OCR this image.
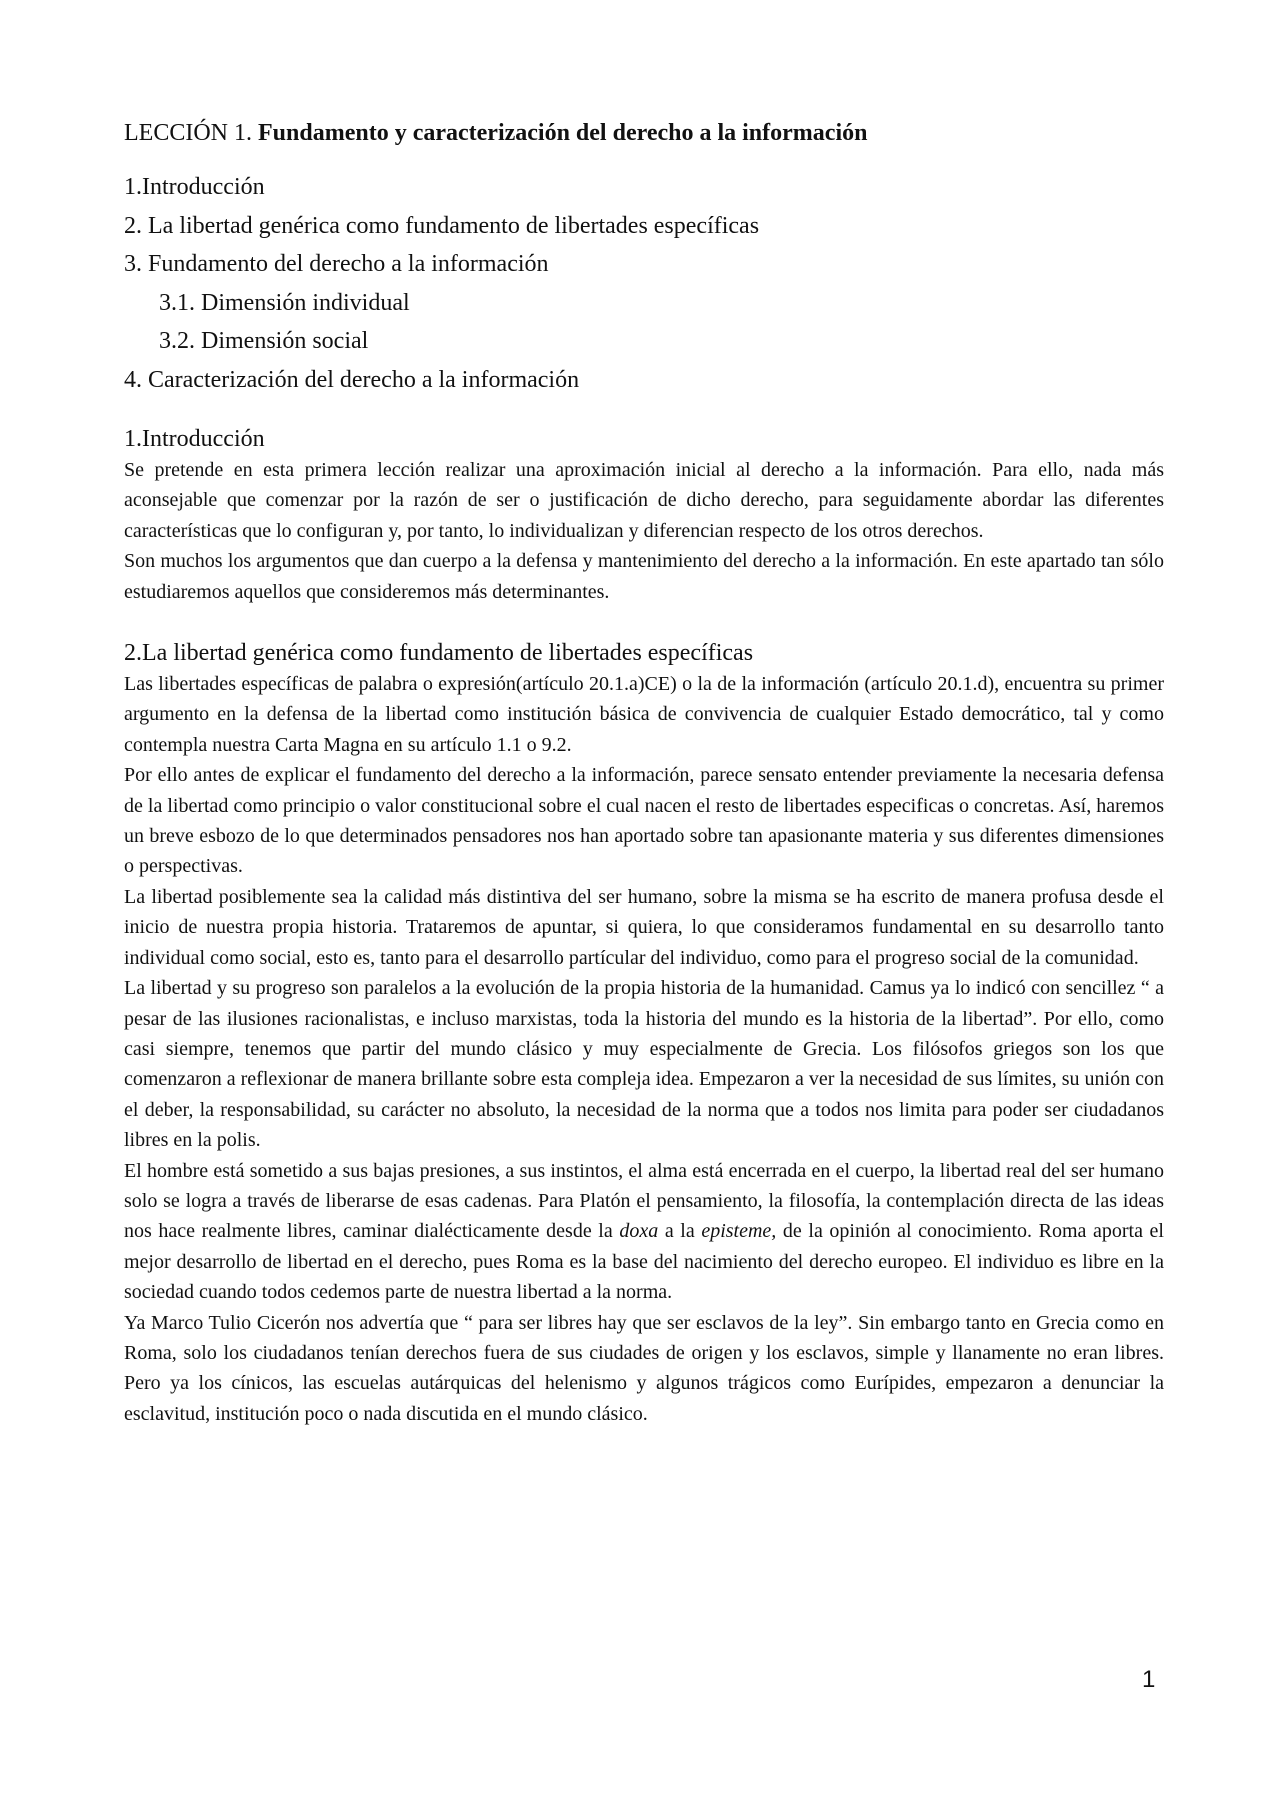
LECCIÓN 1. Fundamento y caracterización del derecho a la información

1.Introducción
2. La libertad genérica como fundamento de libertades específicas
3. Fundamento del derecho a la información
3.1. Dimensión individual
3.2. Dimensión social
4. Caracterización del derecho a la información
1.Introducción

Se pretende en esta primera lección realizar una aproximación inicial al derecho a la información. Para ello, nada más aconsejable que comenzar por la razón de ser o justificación de dicho derecho, para seguidamente abordar las diferentes características que lo configuran y, por tanto, lo individualizan y diferencian respecto de los otros derechos.

Son muchos los argumentos que dan cuerpo a la defensa y mantenimiento del derecho a la información. En este apartado tan sólo estudiaremos aquellos que consideremos más determinantes.

2.La libertad genérica como fundamento de libertades específicas

Las libertades específicas de palabra o expresión(artículo 20.1.a)CE) o la de la información (artículo 20.1.d), encuentra su primer argumento en la defensa de la libertad como institución básica de convivencia de cualquier Estado democrático, tal y como contempla nuestra Carta Magna en su artículo 1.1 o 9.2.

Por ello antes de explicar el fundamento del derecho a la información, parece sensato entender previamente la necesaria defensa de la libertad como principio o valor constitucional sobre el cual nacen el resto de libertades especificas o concretas. Así, haremos un breve esbozo de lo que determinados pensadores nos han aportado sobre tan apasionante materia y sus diferentes dimensiones o perspectivas.

La libertad posiblemente sea la calidad más distintiva del ser humano, sobre la misma se ha escrito de manera profusa desde el inicio de nuestra propia historia. Trataremos de apuntar, si quiera, lo que consideramos fundamental en su desarrollo tanto individual como social, esto es, tanto para el desarrollo partícular del individuo, como para el progreso social de la comunidad.

La libertad y su progreso son paralelos a la evolución de la propia historia de la humanidad. Camus ya lo indicó con sencillez “ a pesar de las ilusiones racionalistas, e incluso marxistas, toda la historia del mundo es la historia de la libertad”. Por ello, como casi siempre, tenemos que partir del mundo clásico y muy especialmente de Grecia. Los filósofos griegos son los que comenzaron a reflexionar de manera brillante sobre esta compleja idea. Empezaron a ver la necesidad de sus límites, su unión con el deber, la responsabilidad, su carácter no absoluto, la necesidad de la norma que a todos nos limita para poder ser ciudadanos libres en la polis.

El hombre está sometido a sus bajas presiones, a sus instintos, el alma está encerrada en el cuerpo, la libertad real del ser humano solo se logra a través de liberarse de esas cadenas. Para Platón el pensamiento, la filosofía, la contemplación directa de las ideas nos hace realmente libres, caminar dialécticamente desde la doxa a la episteme, de la opinión al conocimiento. Roma aporta el mejor desarrollo de libertad en el derecho, pues Roma es la base del nacimiento del derecho europeo. El individuo es libre en la sociedad cuando todos cedemos parte de nuestra libertad a la norma.

Ya Marco Tulio Cicerón nos advertía que “ para ser libres hay que ser esclavos de la ley”. Sin embargo tanto en Grecia como en Roma, solo los ciudadanos tenían derechos fuera de sus ciudades de origen y los esclavos, simple y llanamente no eran libres. Pero ya los cínicos, las escuelas autárquicas del helenismo y algunos trágicos como Eurípides, empezaron a denunciar la esclavitud, institución poco o nada discutida en el mundo clásico.

1
